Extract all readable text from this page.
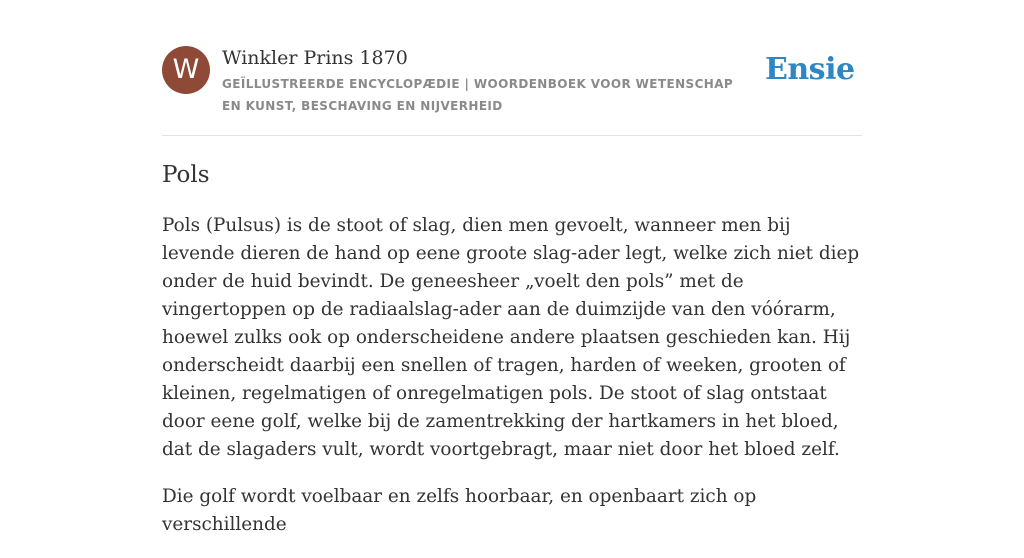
W	Winkler Prins 1870
GEÏLLUSTREERDE ENCYCLOPÆDIE | WOORDENBOEK VOOR WETENSCHAP EN KUNST, BESCHAVING EN NIJVERHEID
Ensie
Pols

Pols (Pulsus) is de stoot of slag, dien men gevoelt, wanneer men bij levende dieren de hand op eene groote slag-ader legt, welke zich niet diep onder de huid bevindt. De geneesheer „voelt den pols” met de vingertoppen op de radiaalslag-ader aan de duimzijde van den vóórarm, hoewel zulks ook op onderscheidene andere plaatsen geschieden kan. Hij onderscheidt daarbij een snellen of tragen, harden of weeken, grooten of kleinen, regelmatigen of onregelmatigen pols. De stoot of slag ontstaat door eene golf, welke bij de zamentrekking der hartkamers in het bloed, dat de slagaders vult, wordt voortgebragt, maar niet door het bloed zelf.

Die golf wordt voelbaar en zelfs hoorbaar, en openbaart zich op verschillende
